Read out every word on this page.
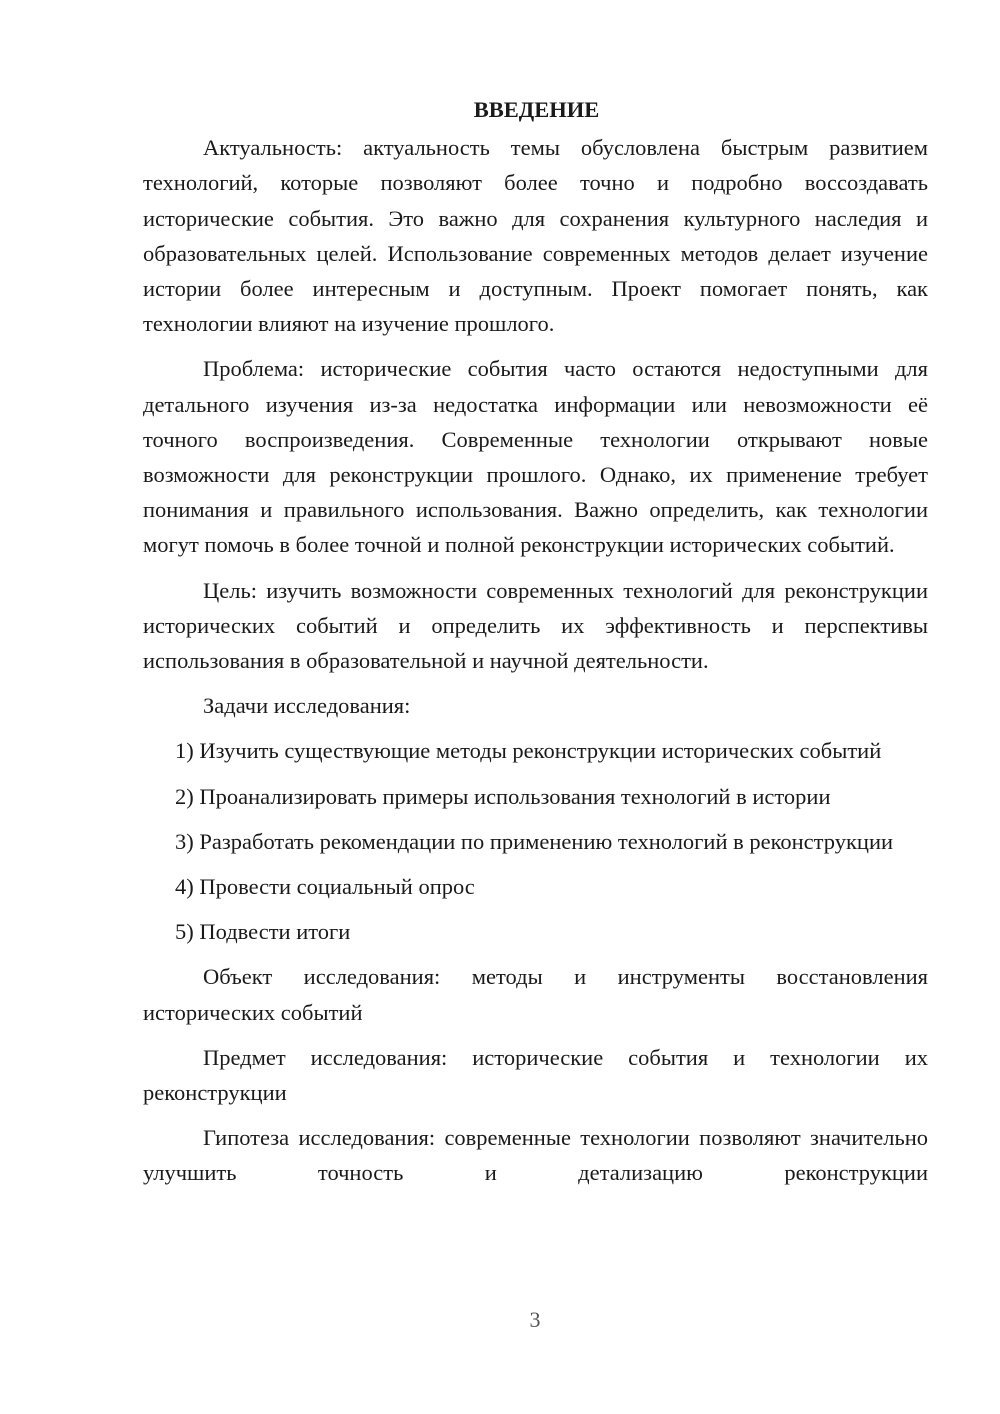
ВВЕДЕНИЕ

Актуальность: актуальность темы обусловлена быстрым развитием технологий, которые позволяют более точно и подробно воссоздавать исторические события. Это важно для сохранения культурного наследия и образовательных целей. Использование современных методов делает изучение истории более интересным и доступным. Проект помогает понять, как технологии влияют на изучение прошлого.

Проблема: исторические события часто остаются недоступными для детального изучения из-за недостатка информации или невозможности её точного воспроизведения. Современные технологии открывают новые возможности для реконструкции прошлого. Однако, их применение требует понимания и правильного использования. Важно определить, как технологии могут помочь в более точной и полной реконструкции исторических событий.

Цель: изучить возможности современных технологий для реконструкции исторических событий и определить их эффективность и перспективы использования в образовательной и научной деятельности.

Задачи исследования:

1) Изучить существующие методы реконструкции исторических событий

2) Проанализировать примеры использования технологий в истории

3) Разработать рекомендации по применению технологий в реконструкции

4) Провести социальный опрос

5) Подвести итоги

Объект исследования: методы и инструменты восстановления исторических событий

Предмет исследования: исторические события и технологии их реконструкции

Гипотеза исследования: современные технологии позволяют значительно улучшить точность и детализацию реконструкции

3
